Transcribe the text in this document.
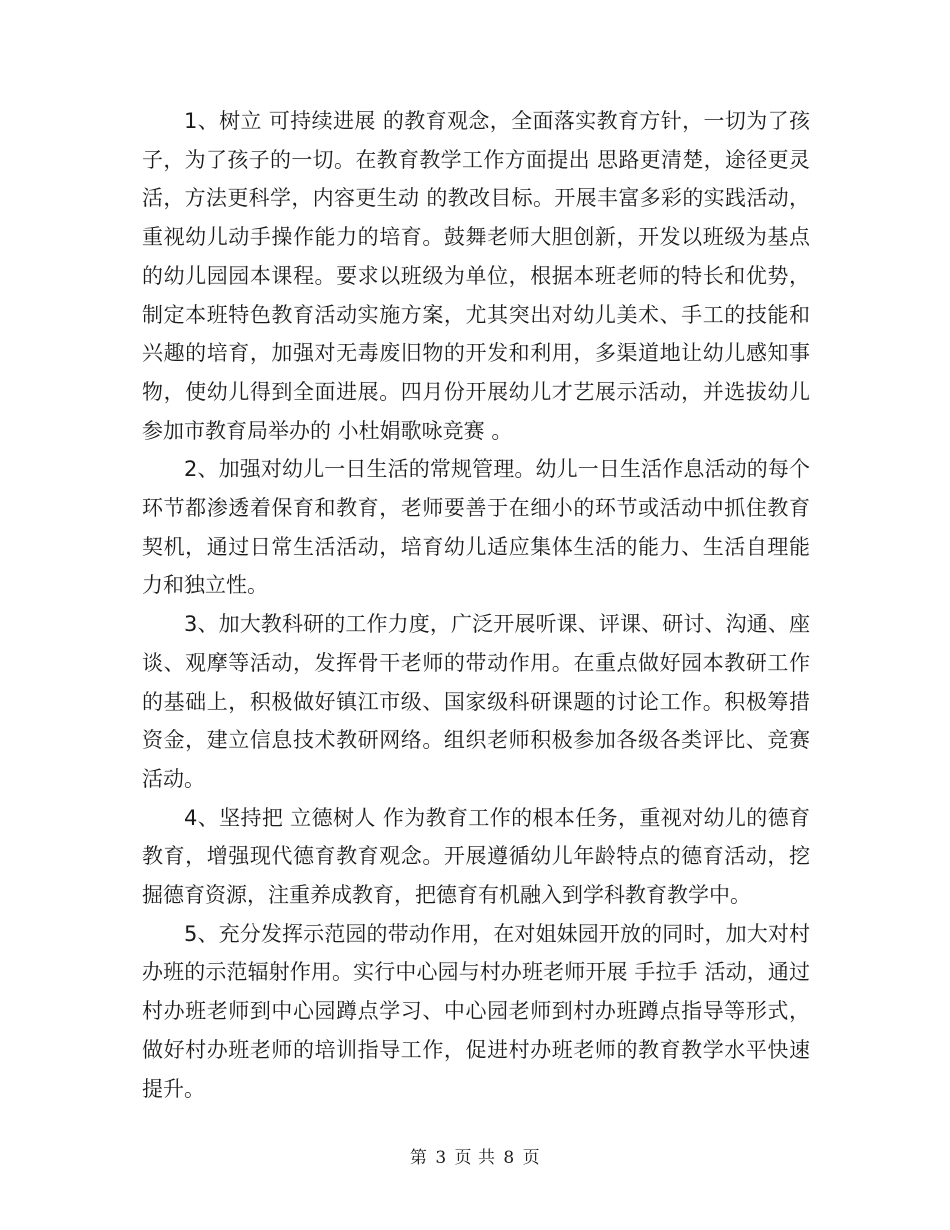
1、树立 可持续进展 的教育观念，全面落实教育方针，一切为了孩子，为了孩子的一切。在教育教学工作方面提出 思路更清楚，途径更灵活，方法更科学，内容更生动 的教改目标。开展丰富多彩的实践活动，重视幼儿动手操作能力的培育。鼓舞老师大胆创新，开发以班级为基点的幼儿园园本课程。要求以班级为单位，根据本班老师的特长和优势，制定本班特色教育活动实施方案，尤其突出对幼儿美术、手工的技能和兴趣的培育，加强对无毒废旧物的开发和利用，多渠道地让幼儿感知事物，使幼儿得到全面进展。四月份开展幼儿才艺展示活动，并选拔幼儿参加市教育局举办的 小杜娟歌咏竞赛 。

2、加强对幼儿一日生活的常规管理。幼儿一日生活作息活动的每个环节都渗透着保育和教育，老师要善于在细小的环节或活动中抓住教育契机，通过日常生活活动，培育幼儿适应集体生活的能力、生活自理能力和独立性。

3、加大教科研的工作力度，广泛开展听课、评课、研讨、沟通、座谈、观摩等活动，发挥骨干老师的带动作用。在重点做好园本教研工作的基础上，积极做好镇江市级、国家级科研课题的讨论工作。积极筹措资金，建立信息技术教研网络。组织老师积极参加各级各类评比、竞赛活动。

4、坚持把 立德树人 作为教育工作的根本任务，重视对幼儿的德育教育，增强现代德育教育观念。开展遵循幼儿年龄特点的德育活动，挖掘德育资源，注重养成教育，把德育有机融入到学科教育教学中。

5、充分发挥示范园的带动作用，在对姐妹园开放的同时，加大对村办班的示范辐射作用。实行中心园与村办班老师开展 手拉手 活动，通过村办班老师到中心园蹲点学习、中心园老师到村办班蹲点指导等形式，做好村办班老师的培训指导工作，促进村办班老师的教育教学水平快速提升。

第 3 页 共 8 页
